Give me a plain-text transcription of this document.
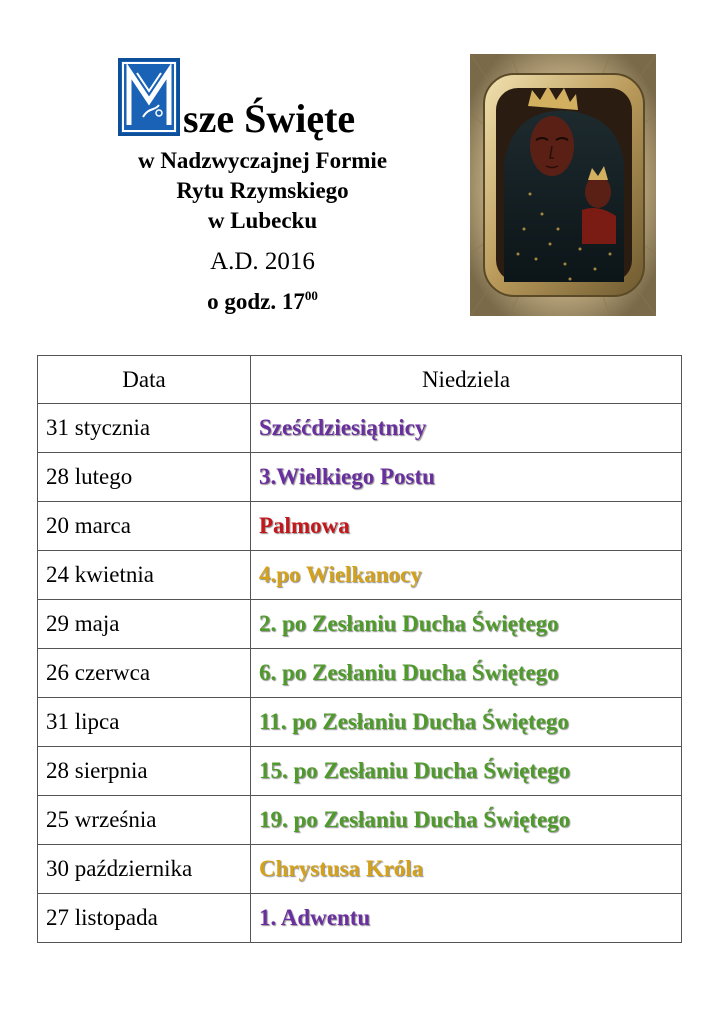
sze Święte
w Nadzwyczajnej Formie
Rytu Rzymskiego
w Lubecku
A.D. 2016
o godz. $17^{00}$
Data	Niedziela
31 stycznia	Sześćdziesiątnicy
28 lutego	3.Wielkiego Postu
20 marca	Palmowa
24 kwietnia	4.po Wielkanocy
29 maja	2. po Zesłaniu Ducha Świętego
26 czerwca	6. po Zesłaniu Ducha Świętego
31 lipca	11. po Zesłaniu Ducha Świętego
28 sierpnia	15. po Zesłaniu Ducha Świętego
25 września	19. po Zesłaniu Ducha Świętego
30 października	Chrystusa Króla
27 listopada	1. Adwentu
